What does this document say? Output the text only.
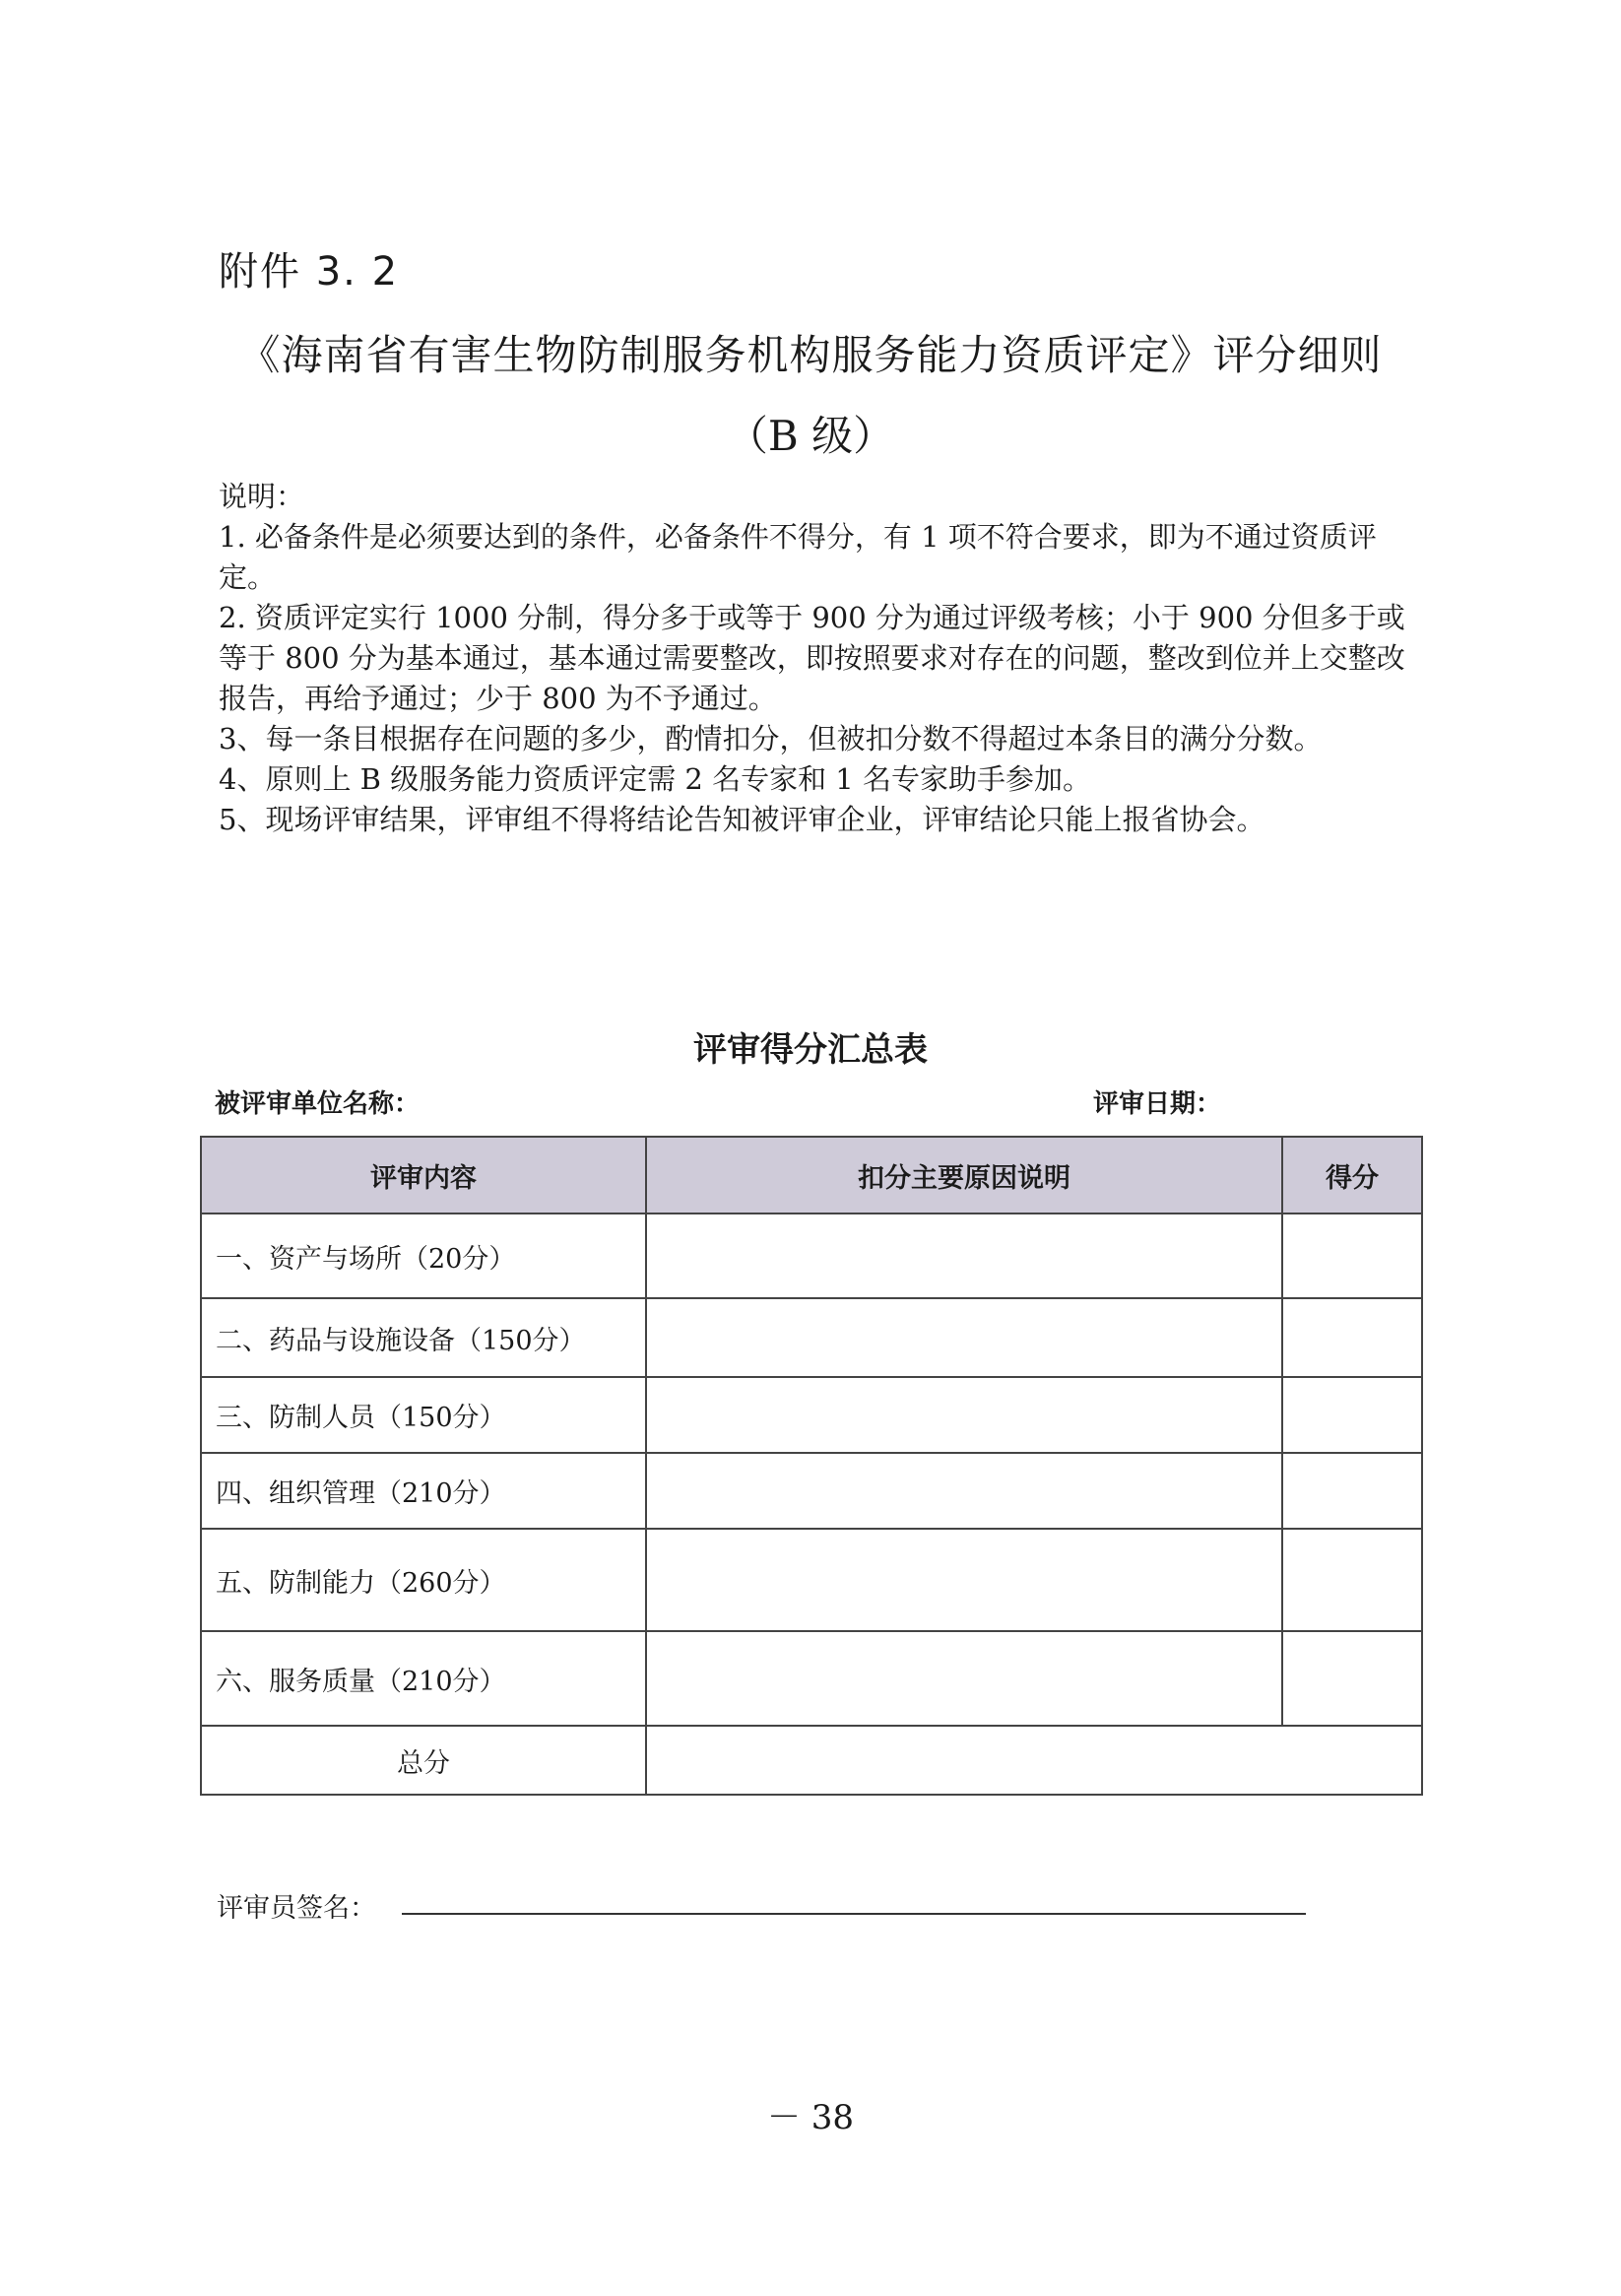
附件 3. 2
《海南省有害生物防制服务机构服务能力资质评定》评分细则
（B 级）

说明：

1. 必备条件是必须要达到的条件，必备条件不得分，有 1 项不符合要求，即为不通过资质评定。

2. 资质评定实行 1000 分制，得分多于或等于 900 分为通过评级考核；小于 900 分但多于或等于 800 分为基本通过，基本通过需要整改，即按照要求对存在的问题，整改到位并上交整改报告，再给予通过；少于 800 为不予通过。

3、每一条目根据存在问题的多少，酌情扣分，但被扣分数不得超过本条目的满分分数。

4、原则上 B 级服务能力资质评定需 2 名专家和 1 名专家助手参加。

5、现场评审结果，评审组不得将结论告知被评审企业，评审结论只能上报省协会。

评审得分汇总表
被评审单位名称：	评审日期：
评审内容	扣分主要原因说明	得分
一、资产与场所（20分）		
二、药品与设施设备（150分）		
三、防制人员（150分）		
四、组织管理（210分）		
五、防制能力（260分）		
六、服务质量（210分）		
总分		
评审员签名：
－ 38
